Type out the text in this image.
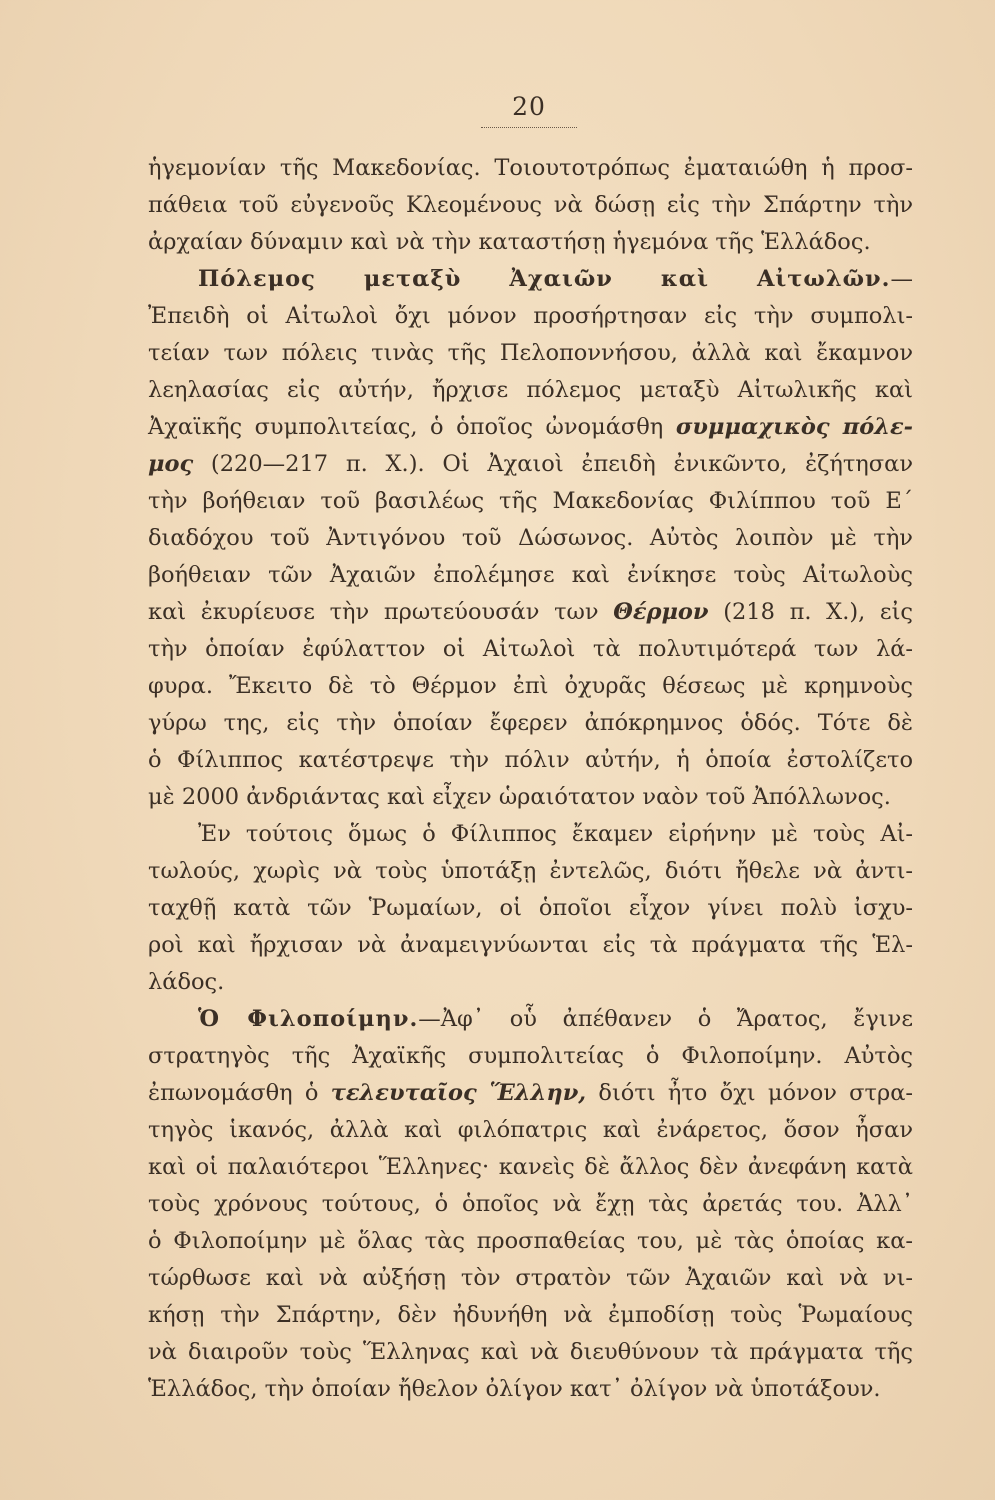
20
ἡγεμονίαν τῆς Μακεδονίας. Τοιουτοτρόπως ἐματαιώθη ἡ προσ-
πάθεια τοῦ εὐγενοῦς Κλεομένους νὰ δώσῃ εἰς τὴν Σπάρτην τὴν
ἀρχαίαν δύναμιν καὶ νὰ τὴν καταστήσῃ ἡγεμόνα τῆς Ἑλλάδος.
Πόλεμος μεταξὺ Ἀχαιῶν καὶ Αἰτωλῶν.—
Ἐπειδὴ οἱ Αἰτωλοὶ ὄχι μόνον προσήρτησαν εἰς τὴν συμπολι-
τείαν των πόλεις τινὰς τῆς Πελοποννήσου, ἀλλὰ καὶ ἔκαμνον
λεηλασίας εἰς αὐτήν, ἤρχισε πόλεμος μεταξὺ Αἰτωλικῆς καὶ
Ἀχαϊκῆς συμπολιτείας, ὁ ὁποῖος ὠνομάσθη συμμαχικὸς πόλε-
μος (220—217 π. Χ.). Οἱ Ἀχαιοὶ ἐπειδὴ ἐνικῶντο, ἐζήτησαν
τὴν βοήθειαν τοῦ βασιλέως τῆς Μακεδονίας Φιλίππου τοῦ Ε´
διαδόχου τοῦ Ἀντιγόνου τοῦ Δώσωνος. Αὐτὸς λοιπὸν μὲ τὴν
βοήθειαν τῶν Ἀχαιῶν ἐπολέμησε καὶ ἐνίκησε τοὺς Αἰτωλοὺς
καὶ ἐκυρίευσε τὴν πρωτεύουσάν των Θέρμον (218 π. Χ.), εἰς
τὴν ὁποίαν ἐφύλαττον οἱ Αἰτωλοὶ τὰ πολυτιμότερά των λά-
φυρα. Ἔκειτο δὲ τὸ Θέρμον ἐπὶ ὀχυρᾶς θέσεως μὲ κρημνοὺς
γύρω της, εἰς τὴν ὁποίαν ἔφερεν ἀπόκρημνος ὁδός. Τότε δὲ
ὁ Φίλιππος κατέστρεψε τὴν πόλιν αὐτήν, ἡ ὁποία ἐστολίζετο
μὲ 2000 ἀνδριάντας καὶ εἶχεν ὡραιότατον ναὸν τοῦ Ἀπόλλωνος.
Ἐν τούτοις ὅμως ὁ Φίλιππος ἔκαμεν εἰρήνην μὲ τοὺς Αἰ-
τωλούς, χωρὶς νὰ τοὺς ὑποτάξῃ ἐντελῶς, διότι ἤθελε νὰ ἀντι-
ταχθῇ κατὰ τῶν Ῥωμαίων, οἱ ὁποῖοι εἶχον γίνει πολὺ ἰσχυ-
ροὶ καὶ ἤρχισαν νὰ ἀναμειγνύωνται εἰς τὰ πράγματα τῆς Ἑλ-
λάδος.
Ὁ Φιλοποίμην.—Ἀφ᾿ οὗ ἀπέθανεν ὁ Ἄρατος, ἔγινε
στρατηγὸς τῆς Ἀχαϊκῆς συμπολιτείας ὁ Φιλοποίμην. Αὐτὸς
ἐπωνομάσθη ὁ τελευταῖος Ἕλλην, διότι ἦτο ὄχι μόνον στρα-
τηγὸς ἱκανός, ἀλλὰ καὶ φιλόπατρις καὶ ἐνάρετος, ὅσον ἦσαν
καὶ οἱ παλαιότεροι Ἕλληνες· κανεὶς δὲ ἄλλος δὲν ἀνεφάνη κατὰ
τοὺς χρόνους τούτους, ὁ ὁποῖος νὰ ἔχῃ τὰς ἀρετάς του. Ἀλλ᾿
ὁ Φιλοποίμην μὲ ὅλας τὰς προσπαθείας του, μὲ τὰς ὁποίας κα-
τώρθωσε καὶ νὰ αὐξήσῃ τὸν στρατὸν τῶν Ἀχαιῶν καὶ νὰ νι-
κήσῃ τὴν Σπάρτην, δὲν ἠδυνήθη νὰ ἐμποδίσῃ τοὺς Ῥωμαίους
νὰ διαιροῦν τοὺς Ἕλληνας καὶ νὰ διευθύνουν τὰ πράγματα τῆς
Ἑλλάδος, τὴν ὁποίαν ἤθελον ὀλίγον κατ᾿ ὀλίγον νὰ ὑποτάξουν.
